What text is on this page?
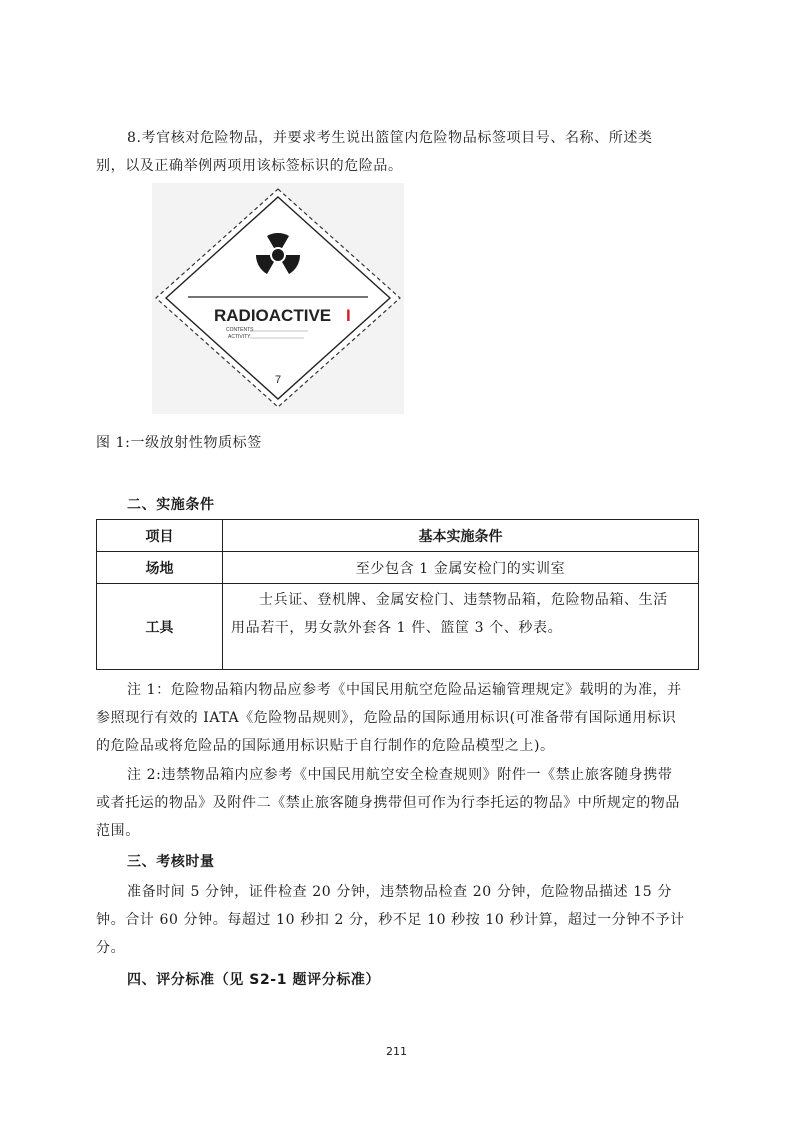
8.考官核对危险物品，并要求考生说出篮筐内危险物品标签项目号、名称、所述类
别，以及正确举例两项用该标签标识的危险品。
RADIOACTIVE I
CONTENTS
ACTIVITY
7
图 1:一级放射性物质标签
二、实施条件
项目	基本实施条件
场地	至少包含 1 金属安检门的实训室
工具	士兵证、登机牌、金属安检门、违禁物品箱，危险物品箱、生活
用品若干，男女款外套各 1 件、篮筐 3 个、秒表。
注 1：危险物品箱内物品应参考《中国民用航空危险品运输管理规定》载明的为准，并
参照现行有效的 IATA《危险物品规则》，危险品的国际通用标识(可准备带有国际通用标识
的危险品或将危险品的国际通用标识贴于自行制作的危险品模型之上)。
注 2:违禁物品箱内应参考《中国民用航空安全检查规则》附件一《禁止旅客随身携带
或者托运的物品》及附件二《禁止旅客随身携带但可作为行李托运的物品》中所规定的物品
范围。
三、考核时量
准备时间 5 分钟，证件检查 20 分钟，违禁物品检查 20 分钟，危险物品描述 15 分
钟。合计 60 分钟。每超过 10 秒扣 2 分，秒不足 10 秒按 10 秒计算，超过一分钟不予计
分。
四、评分标准（见 S2-1 题评分标准）
211
